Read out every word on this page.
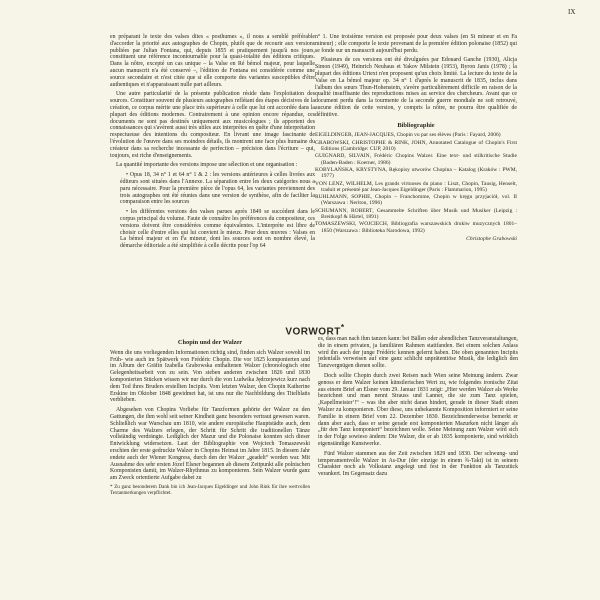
IX

en préparant le texte des valses dites « posthumes », il nous a semblé préférable d'accorder la priorité aux autographes de Chopin, plutôt que de recourir aux versions publiées par Julian Fontana, qui, depuis 1855 et pratiquement jusqu'à nos jours, constituent une référence incontournable pour la quasi-totalité des éditions critiques. Dans la nôtre, excepté un cas unique – la Valse en Ré bémol majeur, pour laquelle aucun manuscrit n'a été conservé –, l'édition de Fontana est considérée comme une source secondaire et n'est citée que si elle comporte des variantes susceptibles d'être authentiques et n'apparaissant nulle part ailleurs.

Une autre particularité de la présente publication réside dans l'exploitation des sources. Constituer souvent de plusieurs autographes reflétant des étapes décisives de la création, ce corpus mérite une place très supérieure à celle que lui ont accordée dans la plupart des éditions modernes. Contrairement à une opinion encore répandue, ces documents ne sont pas destinés uniquement aux musicologues ; ils apportent des connaissances qui s'avèrent aussi très utiles aux interprètes en quête d'une interprétation respectueuse des intentions du compositeur. En livrant une image fascinante de l'évolution de l'œuvre dans ses moindres détails, ils montrent une face plus humaine du créateur dans sa recherche incessante de perfection – précision dans l'écriture – qui, toujours, est riche d'enseignements.

La quantité importante des versions impose une sélection et une organisation :

• Opus 18, 34 n° 1 et 64 n° 1 & 2 : les versions antérieures à celles livrées aux éditeurs sont situées dans l'Annexe. La séparation entre les deux catégories nous a paru nécessaire. Pour la première pièce de l'opus 64, les variantes proviennent des trois autographes ont été réunies dans une version de synthèse, afin de faciliter la comparaison entre les sources

• les différentes versions des valses parues après 1849 se succèdent dans le corpus principal du volume. Faute de connaître les préférences du compositeur, ces versions doivent être considérées comme équivalentes. L'interprète est libre de choisir celle d'entre elles qui lui convient le mieux. Pour deux œuvres : Valses en La bémol majeur et en Fa mineur, dont les sources sont en nombre élevé, la démarche éditoriale a été simplifiée à celle décrite pour l'op 64

n° 1. Une troisième version est proposée pour deux valses (en Si mineur et en Fa mineur) ; elle comporte le texte provenant de la première édition polonaise (1852) qui se fonde sur un manuscrit aujourd'hui perdu.

Plusieurs de ces versions ont été divulguées par Edouard Ganche (1930), Alicja Simon (1949), Heinrich Neuhaus et Yakov Milstein (1953), Byron Janis (1978) ; la plupart des éditions Urtext n'en proposent qu'un choix limité. La lecture du texte de la Valse en La bémol majeur op. 34 n° 1 d'après le manuscrit de 1835, inclus dans l'album des sœurs Thun-Hohenstein, s'avère particulièrement difficile en raison de la qualité insuffisante des reproductions mises au service des chercheurs. Avant que ce document perdu dans la tourmente de la seconde guerre mondiale ne soit retrouvé, aucune édition de cette version, y compris la nôtre, ne pourra être qualifiée de définitive.

Bibliographie
EIGELDINGER, JEAN-JACQUES, Chopin vu par ses élèves (Paris : Fayard, 2006)
GRABOWSKI, CHRISTOPHE & RINK, JOHN, Annotated Catalogue of Chopin's First Editions (Cambridge: CUP, 2010)
GUIGNARD, SILVAIN, Frédéric Chopins Walzer. Eine text- und stilkritische Studie (Baden-Baden : Koerner, 1986)
KOBYLAŃSKA, KRYSTYNA, Rękopisy utworów Chopina – Katalog (Kraków : PWM, 1977)
VON LENZ, WILHELM, Les grands virtuoses du piano : Liszt, Chopin, Tausig, Henselt, traduit et présenté par Jean-Jacques Eigeldinger (Paris : Flammarion, 1995)
RUHLMANN, SOPHIE, Chopin – Franchomme, Chopin w kręgu przyjaciół, vol. II (Warszawa : Neriton, 1996)
SCHUMANN, ROBERT, Gesammelte Schriften über Musik und Musiker (Leipzig : Breitkopf & Härtel, 1891)
TOMASZEWSKI, WOJCIECH, Bibliografia warszawskich drukiw muzycznych 1801–1850 (Warszawa : Biblioteka Narodowa, 1992)
Christophe Grabowski
VORWORT*
Chopin und der Walzer

Wenn die uns vorliegenden Informationen richtig sind, finden sich Walzer sowohl im Früh- wie auch im Spätwerk von Frédéric Chopin. Die vor 1825 komponierten und im Album der Gräfin Izabella Grabowska enthaltenen Walzer (chronologisch eine Gelegenheitsarbeit von zu sein. Von sieben anderen zwischen 1826 und 1830 komponierten Stücken wissen wir nur durch die von Ludwika Jędrzejewicz kurz nach dem Tod ihres Bruders erstellten Incipits. Vom letzten Walzer, den Chopin Katherine Erskine im Oktober 1848 gewidmet hat, ist uns nur die Nachbildung des Titelblatts verblieben.

Abgesehen von Chopins Vorliebe für Tanzformen gehörte der Walzer zu den Gattungen, die ihm wohl seit seiner Kindheit ganz besonders vertraut gewesen waren. Schließlich war Warschau um 1810, wie andere europäische Hauptstädte auch, dem Charme des Walzers erlegen, der Schritt für Schritt die traditionellen Tänze vollständig verdrängte. Lediglich der Mazur und die Polonaise konnten sich dieser Entwicklung widersetzen. Laut der Bibliographie von Wojciech Tomaszewski erschien der erste gedruckte Walzer in Chopins Heimat im Jahre 1815. In diesem Jahr endete auch der Wiener Kongress, durch den der Walzer „geadelt“ worden war. Mit Ausnahme des sehr ersten Józef Elsner begannen ab diesem Zeitpunkt alle polnischen Komponisten damit, im Walzer-Rhythmus zu komponieren. Sein Walzer wurde ganz am Zweck orientierte Aufgabe dabei zu

* Zu ganz besonderem Dank bin ich Jean-Jacques Eigeldinger und John Rink für ihre wertvollen Textanmerkungen verpflichtet.

es, dass man nach ihm tanzen kann: bei Bällen oder abendlichen Tanzveranstaltungen, die in einem privaten, ja familiären Rahmen stattfanden. Bei einem solchen Anlass wird ihn auch der junge Frédéric kennen gelernt haben. Die oben genannten Incipits jedenfalls verweisen auf eine ganz schlicht unprätentiöse Musik, die lediglich den Tanzvergnügen dienen sollte.

Doch sollte Chopin durch zwei Reisen nach Wien seine Meinung ändern. Zwar genoss er dem Walzer keinen künstlerischen Wert zu, wie folgendes ironische Zitat aus einem Brief an Elsner vom 29. Januar 1831 zeigt: „Hier werden Walzer als Werke bezeichnet und man nennt Strauss und Lanner, die sie zum Tanz spielen, ‚Kapellmeister‘!“ – was ihn aber nicht daran hindert, gerade in dieser Stadt einen Walzer zu komponieren. Über diese, uns unbekannte Komposition informiert er seine Familie in einem Brief vom 22. Dezember 1830. Bezeichnenderweise bemerkt er dann aber auch, dass er seine gerade erst komponierten Mazurken nicht länger als „für den Tanz komponiert“ bezeichnen wolle. Seine Meinung zum Walzer wird sich in der Folge sowieso ändern: Die Walzer, die er ab 1835 komponierte, sind wirklich eigenständige Kunstwerke.

Fünf Walzer stammen aus der Zeit zwischen 1829 und 1830. Der schwung- und temperamentvolle Walzer in As-Dur (der einzige in einem ¾-Takt) ist in seinem Charakter noch als Volkstanz angelegt und fest in der Funktion als Tanzstück verankert. Im Gegensatz dazu
